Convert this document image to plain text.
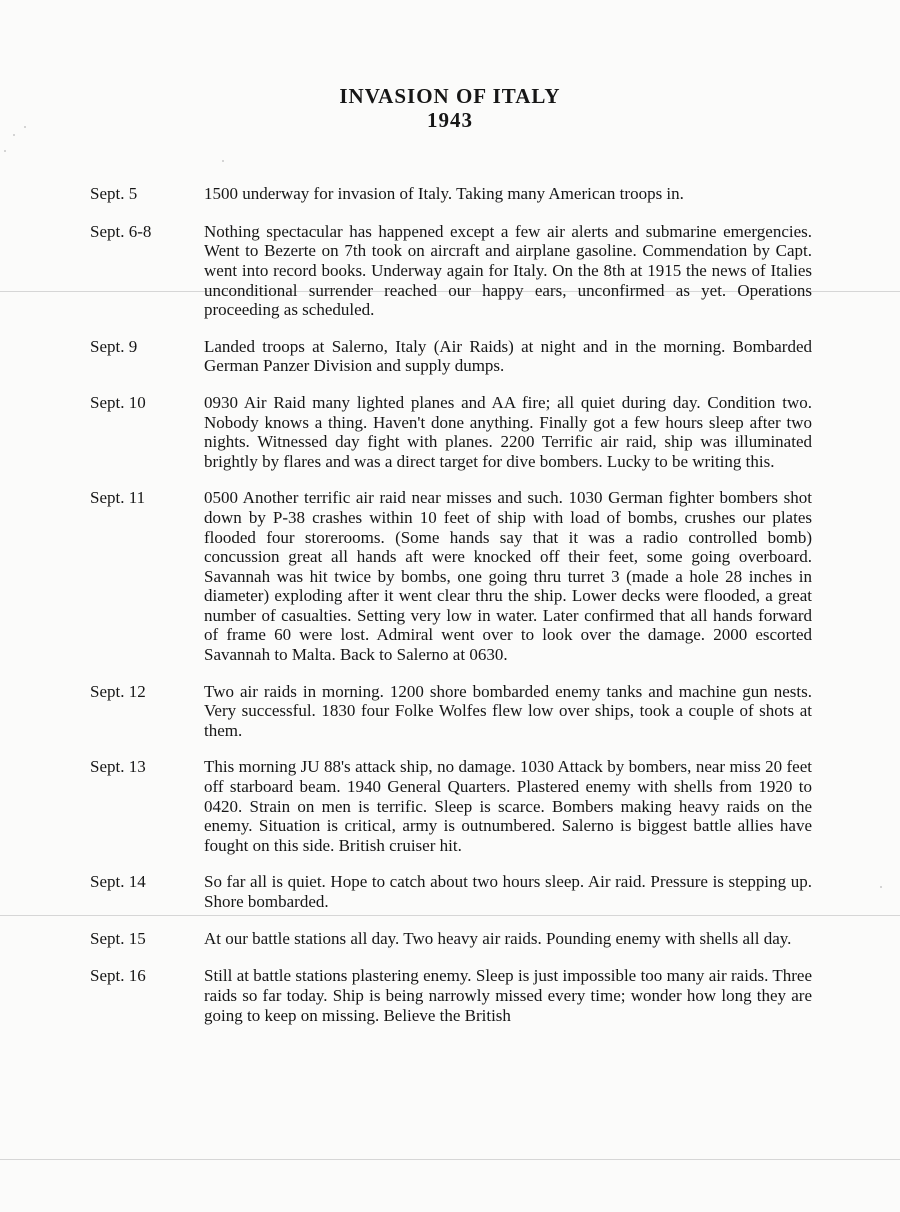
INVASION OF ITALY
1943
Sept. 5	1500 underway for invasion of Italy. Taking many American troops in.
Sept. 6-8	Nothing spectacular has happened except a few air alerts and submarine emergencies. Went to Bezerte on 7th took on aircraft and airplane gasoline. Commendation by Capt. went into record books. Underway again for Italy. On the 8th at 1915 the news of Italies unconditional surrender reached our happy ears, unconfirmed as yet. Operations proceeding as scheduled.
Sept. 9	Landed troops at Salerno, Italy (Air Raids) at night and in the morning. Bombarded German Panzer Division and supply dumps.
Sept. 10	0930 Air Raid many lighted planes and AA fire; all quiet during day. Condition two. Nobody knows a thing. Haven't done anything. Finally got a few hours sleep after two nights. Witnessed day fight with planes. 2200 Terrific air raid, ship was illuminated brightly by flares and was a direct target for dive bombers. Lucky to be writing this.
Sept. 11	0500 Another terrific air raid near misses and such. 1030 German fighter bombers shot down by P-38 crashes within 10 feet of ship with load of bombs, crushes our plates flooded four storerooms. (Some hands say that it was a radio controlled bomb) concussion great all hands aft were knocked off their feet, some going overboard. Savannah was hit twice by bombs, one going thru turret 3 (made a hole 28 inches in diameter) exploding after it went clear thru the ship. Lower decks were flooded, a great number of casualties. Setting very low in water. Later confirmed that all hands forward of frame 60 were lost. Admiral went over to look over the damage. 2000 escorted Savannah to Malta. Back to Salerno at 0630.
Sept. 12	Two air raids in morning. 1200 shore bombarded enemy tanks and machine gun nests. Very successful. 1830 four Folke Wolfes flew low over ships, took a couple of shots at them.
Sept. 13	This morning JU 88's attack ship, no damage. 1030 Attack by bombers, near miss 20 feet off starboard beam. 1940 General Quarters. Plastered enemy with shells from 1920 to 0420. Strain on men is terrific. Sleep is scarce. Bombers making heavy raids on the enemy. Situation is critical, army is outnumbered. Salerno is biggest battle allies have fought on this side. British cruiser hit.
Sept. 14	So far all is quiet. Hope to catch about two hours sleep. Air raid. Pressure is stepping up. Shore bombarded.
Sept. 15	At our battle stations all day. Two heavy air raids. Pounding enemy with shells all day.
Sept. 16	Still at battle stations plastering enemy. Sleep is just impossible too many air raids. Three raids so far today. Ship is being narrowly missed every time; wonder how long they are going to keep on missing. Believe the British
